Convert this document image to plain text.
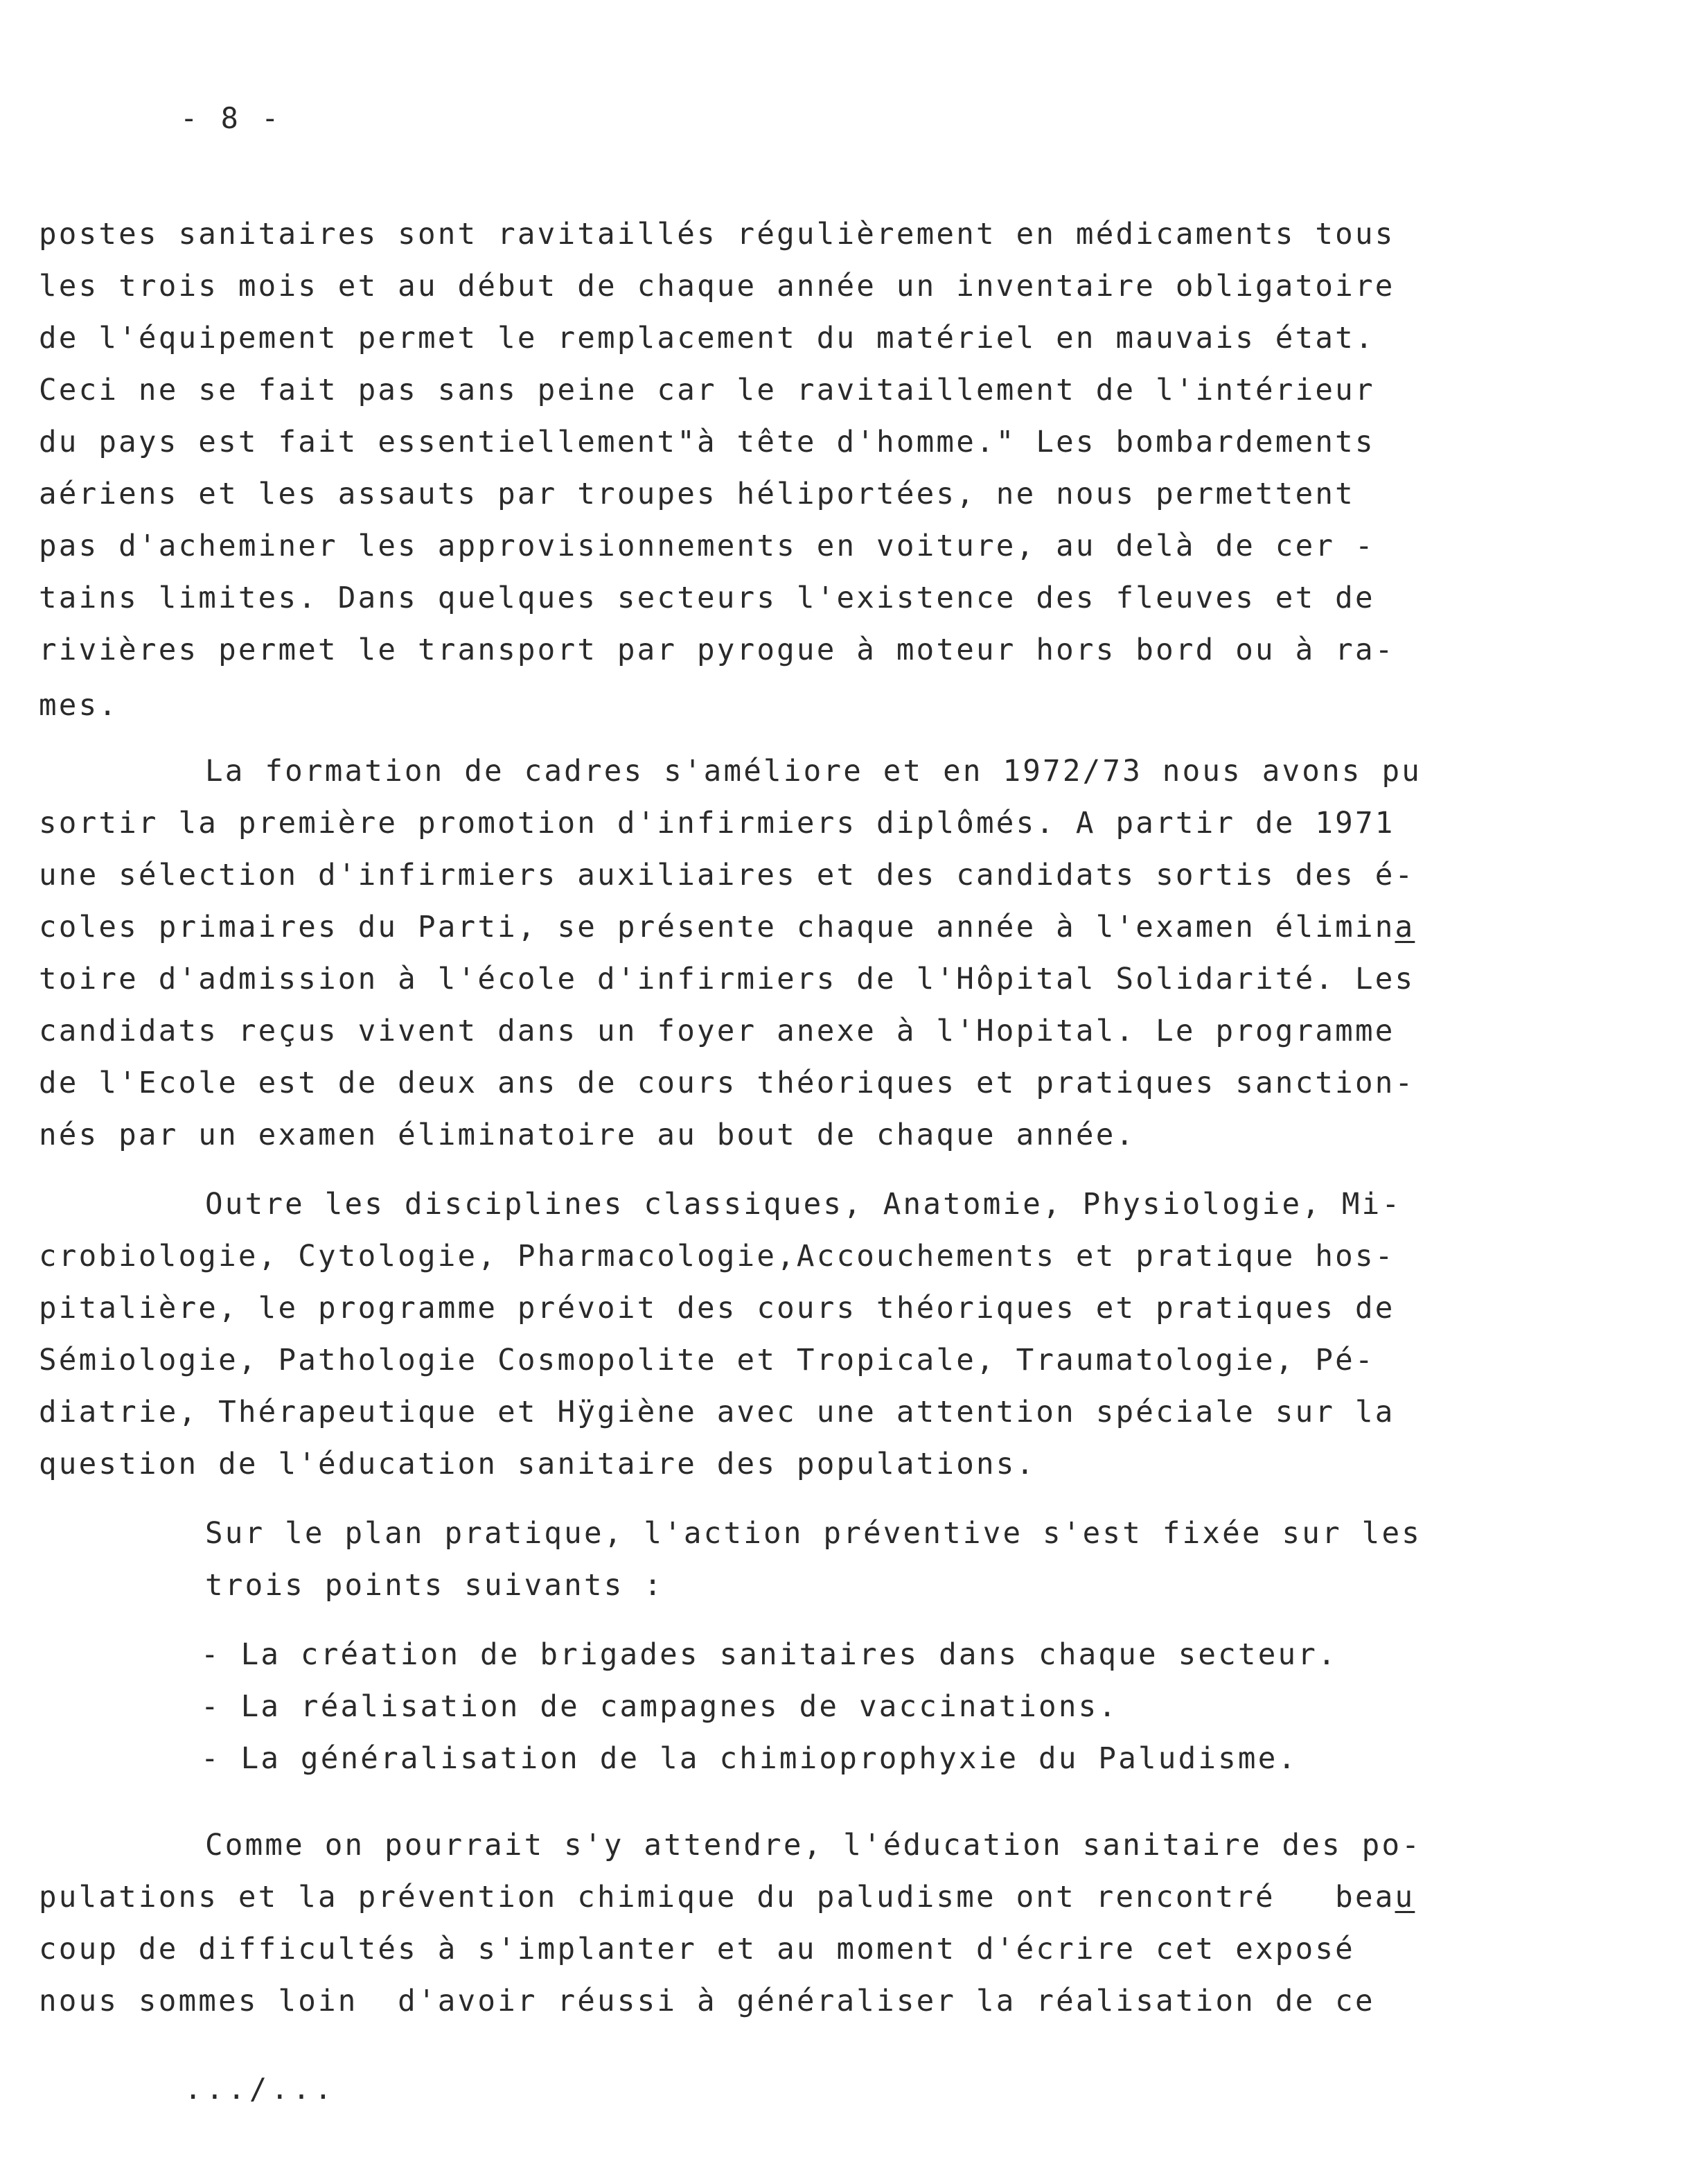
- 8 -
postes sanitaires sont ravitaillés régulièrement en médicaments tous
les trois mois et au début de chaque année un inventaire obligatoire
de l'équipement permet le remplacement du matériel en mauvais état.
Ceci ne se fait pas sans peine car le ravitaillement de l'intérieur
du pays est fait essentiellement"à tête d'homme." Les bombardements
aériens et les assauts par troupes héliportées, ne nous permettent
pas d'acheminer les approvisionnements en voiture, au delà de cer -
tains limites. Dans quelques secteurs l'existence des fleuves et de
rivières permet le transport par pyrogue à moteur hors bord ou à ra-
mes.
La formation de cadres s'améliore et en 1972/73 nous avons pu
sortir la première promotion d'infirmiers diplômés. A partir de 1971
une sélection d'infirmiers auxiliaires et des candidats sortis des é-
coles primaires du Parti, se présente chaque année à l'examen élimina
toire d'admission à l'école d'infirmiers de l'Hôpital Solidarité. Les
candidats reçus vivent dans un foyer anexe à l'Hopital. Le programme
de l'Ecole est de deux ans de cours théoriques et pratiques sanction-
nés par un examen éliminatoire au bout de chaque année.
Outre les disciplines classiques, Anatomie, Physiologie, Mi-
crobiologie, Cytologie, Pharmacologie,Accouchements et pratique hos-
pitalière, le programme prévoit des cours théoriques et pratiques de
Sémiologie, Pathologie Cosmopolite et Tropicale, Traumatologie, Pé-
diatrie, Thérapeutique et Hÿgiène avec une attention spéciale sur la
question de l'éducation sanitaire des populations.
Sur le plan pratique, l'action préventive s'est fixée sur les
trois points suivants :
- La création de brigades sanitaires dans chaque secteur.
- La réalisation de campagnes de vaccinations.
- La généralisation de la chimioprophyxie du Paludisme.
Comme on pourrait s'y attendre, l'éducation sanitaire des po-
pulations et la prévention chimique du paludisme ont rencontré   beau
coup de difficultés à s'implanter et au moment d'écrire cet exposé
nous sommes loin  d'avoir réussi à généraliser la réalisation de ce
.../...
